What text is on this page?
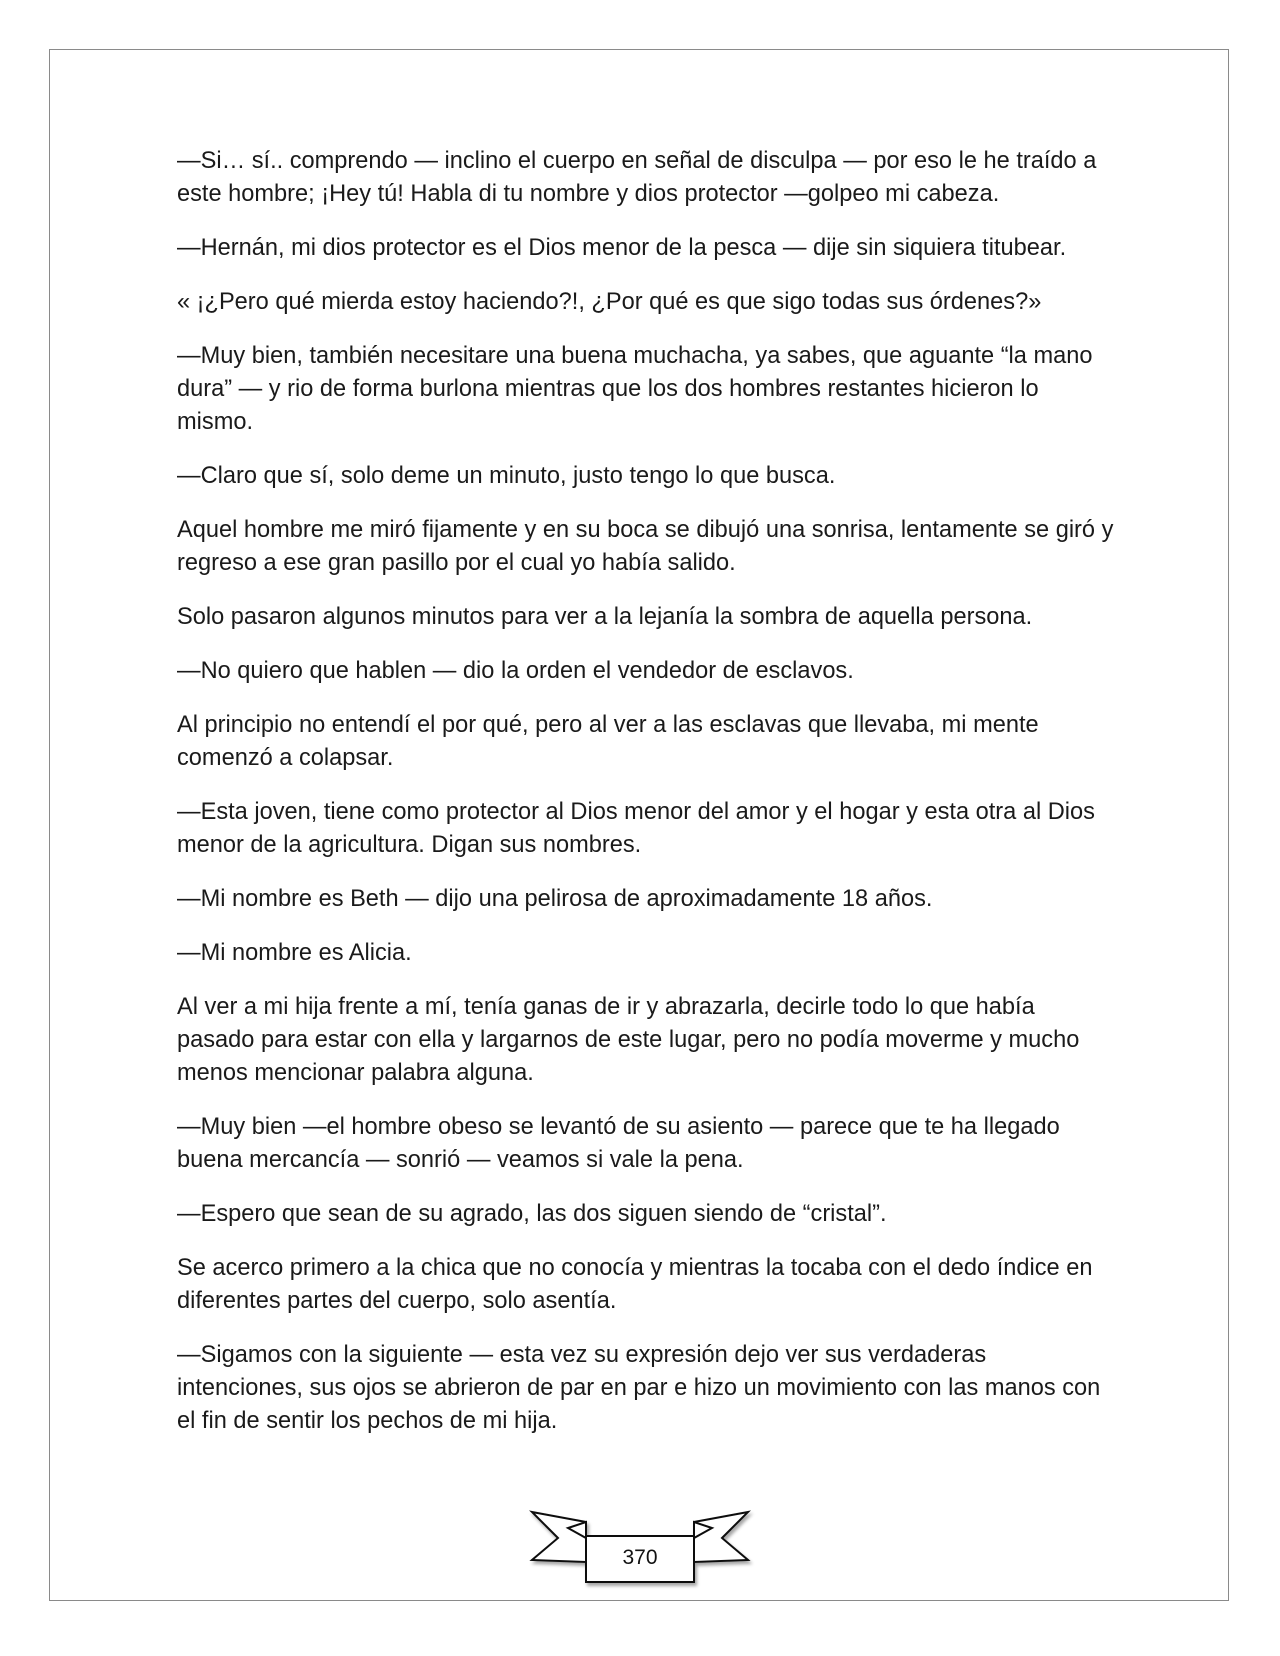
—Si… sí.. comprendo — inclino el cuerpo en señal de disculpa — por eso le he traído a este hombre; ¡Hey tú! Habla di tu nombre y dios protector —golpeo mi cabeza.

—Hernán, mi dios protector es el Dios menor de la pesca — dije sin siquiera titubear.

« ¡¿Pero qué mierda estoy haciendo?!, ¿Por qué es que sigo todas sus órdenes?»

—Muy bien, también necesitare una buena muchacha, ya sabes, que aguante “la mano dura” — y rio de forma burlona mientras que los dos hombres restantes hicieron lo mismo.

—Claro que sí, solo deme un minuto, justo tengo lo que busca.

Aquel hombre me miró fijamente y en su boca se dibujó una sonrisa, lentamente se giró y regreso a ese gran pasillo por el cual yo había salido.

Solo pasaron algunos minutos para ver a la lejanía la sombra de aquella persona.

—No quiero que hablen — dio la orden el vendedor de esclavos.

Al principio no entendí el por qué, pero al ver a las esclavas que llevaba, mi mente comenzó a colapsar.

—Esta joven, tiene como protector al Dios menor del amor y el hogar y esta otra al Dios menor de la agricultura. Digan sus nombres.

—Mi nombre es Beth — dijo una pelirosa de aproximadamente 18 años.

—Mi nombre es Alicia.

Al ver a mi hija frente a mí, tenía ganas de ir y abrazarla, decirle todo lo que había pasado para estar con ella y largarnos de este lugar, pero no podía moverme y mucho menos mencionar palabra alguna.

—Muy bien —el hombre obeso se levantó de su asiento — parece que te ha llegado buena mercancía — sonrió — veamos si vale la pena.

—Espero que sean de su agrado, las dos siguen siendo de “cristal”.

Se acerco primero a la chica que no conocía y mientras la tocaba con el dedo índice en diferentes partes del cuerpo, solo asentía.

—Sigamos con la siguiente — esta vez su expresión dejo ver sus verdaderas intenciones, sus ojos se abrieron de par en par e hizo un movimiento con las manos con el fin de sentir los pechos de mi hija.

370
